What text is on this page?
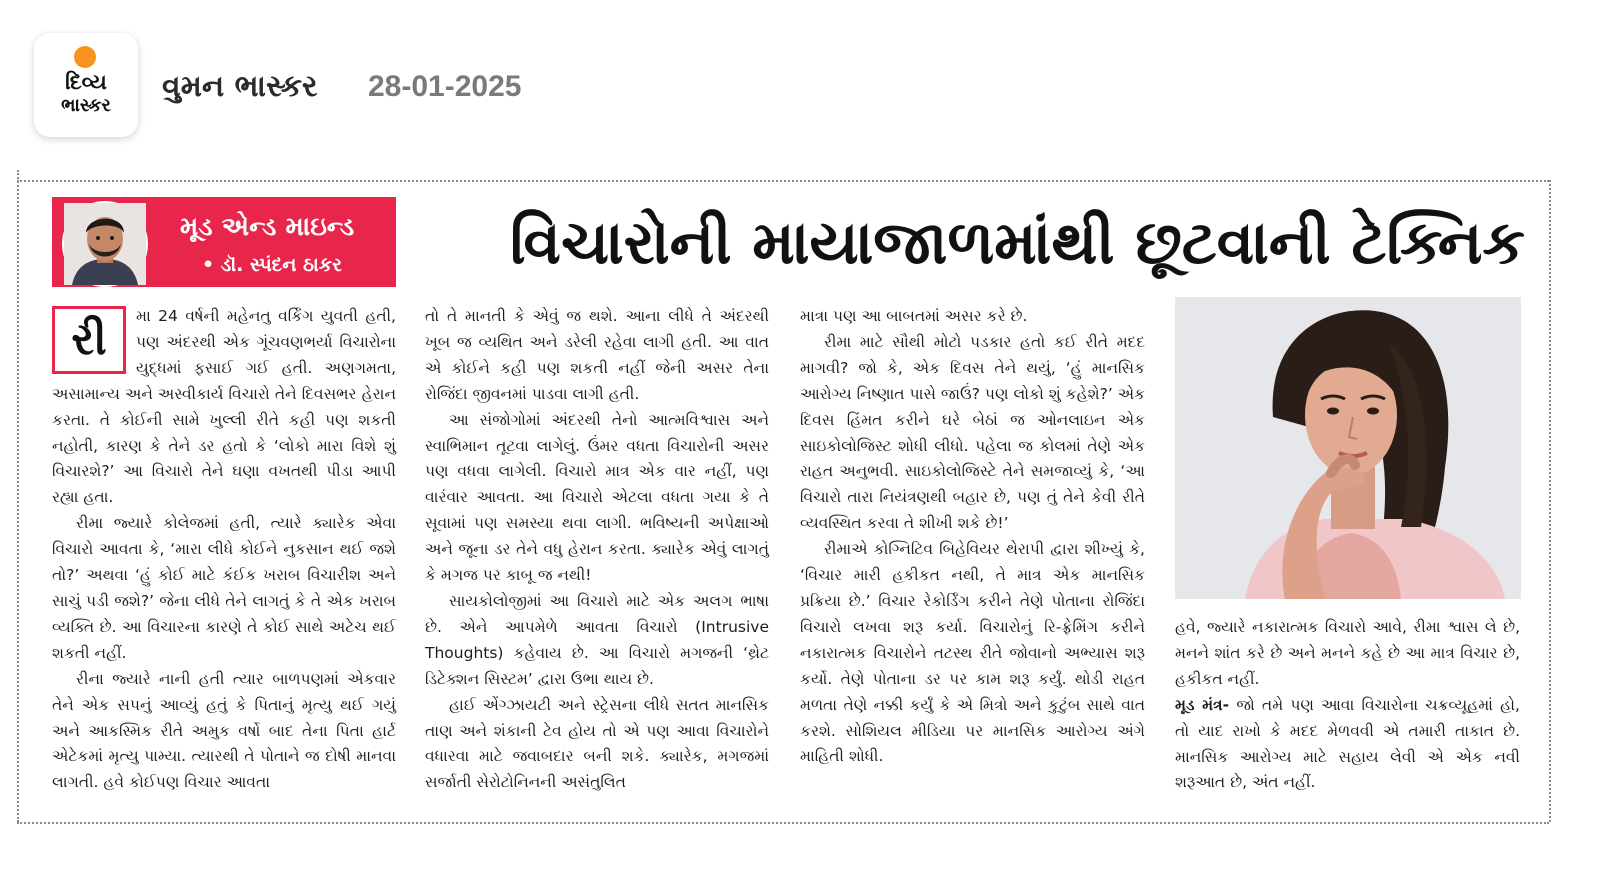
દિવ્ય
ભાસ્કર
વુમન ભાસ્કર 28-01-2025
મૂડ એન્ડ માઇન્ડ
• ડૉ. સ્પંદન ઠાકર	વિચારોની માયાજાળમાંથી છૂટવાની ટેક્નિક
રી	મા 24 વર્ષની મહેનતુ વર્કિંગ યુવતી હતી, પણ અંદરથી એક ગૂંચવણભર્યા વિચારોના યુદ્ધમાં ફસાઈ ગઈ હતી. અણગમતા, અસામાન્ય અને અસ્વીકાર્ય વિચારો તેને દિવસભર હેરાન કરતા. તે કોઈની સામે ખુલ્લી રીતે કહી પણ શકતી નહોતી, કારણ કે તેને ડર હતો કે ‘લોકો મારા વિશે શું વિચારશે?’ આ વિચારો તેને ઘણા વખતથી પીડા આપી રહ્યા હતા.

રીમા જ્યારે કોલેજમાં હતી, ત્યારે ક્યારેક એવા વિચારો આવતા કે, ‘મારા લીધે કોઈને નુકસાન થઈ જશે તો?’ અથવા ‘હું કોઈ માટે કંઈક ખરાબ વિચારીશ અને સાચું પડી જશે?’ જેના લીધે તેને લાગતું કે તે એક ખરાબ વ્યક્તિ છે. આ વિચારના કારણે તે કોઈ સાથે અટેચ થઈ શકતી નહીં.

રીના જ્યારે નાની હતી ત્યાર બાળપણમાં એકવાર તેને એક સપનું આવ્યું હતું કે પિતાનું મૃત્યુ થઈ ગયું અને આકસ્મિક રીતે અમુક વર્ષો બાદ તેના પિતા હાર્ટ એટેકમાં મૃત્યુ પામ્યા. ત્યારથી તે પોતાને જ દોષી માનવા લાગતી. હવે કોઈપણ વિચાર આવતા

તો તે માનતી કે એવું જ થશે. આના લીધે તે અંદરથી ખૂબ જ વ્યથિત અને ડરેલી રહેવા લાગી હતી. આ વાત એ કોઈને કહી પણ શકતી નહીં જેની અસર તેના રોજિંદા જીવનમાં પાડવા લાગી હતી.

આ સંજોગોમાં અંદરથી તેનો આત્મવિશ્વાસ અને સ્વાભિમાન તૂટવા લાગેલું. ઉંમર વધતા વિચારોની અસર પણ વધવા લાગેલી. વિચારો માત્ર એક વાર નહીં, પણ વારંવાર આવતા. આ વિચારો એટલા વધતા ગયા કે તે સૂવામાં પણ સમસ્યા થવા લાગી. ભવિષ્યની અપેક્ષાઓ અને જૂના ડર તેને વધુ હેરાન કરતા. ક્યારેક એવું લાગતું કે મગજ પર કાબૂ જ નથી!

સાયકોલોજીમાં આ વિચારો માટે એક અલગ ભાષા છે. એને આપમેળે આવતા વિચારો (Intrusive Thoughts) કહેવાય છે. આ વિચારો મગજની ‘થ્રેટ ડિટેક્શન સિસ્ટમ’ દ્વારા ઉભા થાય છે.

હાઈ એંગ્ઝાયટી અને સ્ટ્રેસના લીધે સતત માનસિક તાણ અને શંકાની ટેવ હોય તો એ પણ આવા વિચારોને વધારવા માટે જવાબદાર બની શકે. ક્યારેક, મગજમાં સર્જાતી સેરોટોનિનની અસંતુલિત

માત્રા પણ આ બાબતમાં અસર કરે છે.

રીમા માટે સૌથી મોટો પડકાર હતો કઈ રીતે મદદ માગવી? જો કે, એક દિવસ તેને થયું, ‘હું માનસિક આરોગ્ય નિષ્ણાત પાસે જાઉં? પણ લોકો શું કહેશે?’ એક દિવસ હિંમત કરીને ઘરે બેઠાં જ ઓનલાઇન એક સાઇકોલોજિસ્ટ શોધી લીધો. પહેલા જ કોલમાં તેણે એક રાહત અનુભવી. સાઇકોલોજિસ્ટે તેને સમજાવ્યું કે, ‘આ વિચારો તારા નિયંત્રણથી બહાર છે, પણ તું તેને કેવી રીતે વ્યવસ્થિત કરવા તે શીખી શકે છે!’

રીમાએ કોગ્નિટિવ બિહેવિયર થેરાપી દ્વારા શીખ્યું કે, ‘વિચાર મારી હકીકત નથી, તે માત્ર એક માનસિક પ્રક્રિયા છે.’ વિચાર રેકોર્ડિંગ કરીને તેણે પોતાના રોજિંદા વિચારો લખવા શરૂ કર્યા. વિચારોનું રિ-ફ્રેમિંગ કરીને નકારાત્મક વિચારોને તટસ્થ રીતે જોવાનો અભ્યાસ શરૂ કર્યો. તેણે પોતાના ડર પર કામ શરૂ કર્યું. થોડી રાહત મળતા તેણે નક્કી કર્યું કે એ મિત્રો અને કુટુંબ સાથે વાત કરશે. સોશિયલ મીડિયા પર માનસિક આરોગ્ય અંગે માહિતી શોધી.

હવે, જ્યારે નકારાત્મક વિચારો આવે, રીમા શ્વાસ લે છે, મનને શાંત કરે છે અને મનને કહે છે આ માત્ર વિચાર છે, હકીકત નહીં.

મૂડ મંત્ર- જો તમે પણ આવા વિચારોના ચક્રવ્યૂહમાં હો, તો યાદ રાખો કે મદદ મેળવવી એ તમારી તાકાત છે. માનસિક આરોગ્ય માટે સહાય લેવી એ એક નવી શરૂઆત છે, અંત નહીં.
